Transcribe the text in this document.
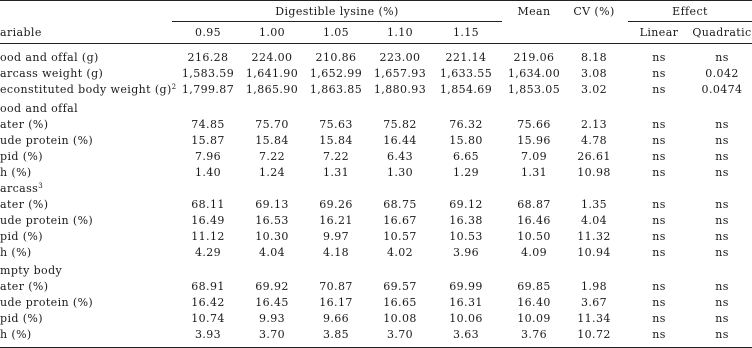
Digestible lysine (%)	Mean	CV (%)	Effect
ariable	0.95	1.00	1.05	1.10	1.15	Linear	Quadratic
ood and offal (g)	216.28	224.00	210.86	223.00	221.14	219.06	8.18	ns	ns
arcass weight (g)	1,583.59	1,641.90	1,652.99	1,657.93	1,633.55	1,634.00	3.08	ns	0.042
econstituted body weight $(g)^2$ 1,799.87	1,865.90	1,863.85	1,880.93	1,854.69	1,853.05	3.02	ns	0.0474
ood and offal
ater (%)	74.85	75.70	75.63	75.82	76.32	75.66	2.13	ns	ns
ude protein (%)	15.87	15.84	15.84	16.44	15.80	15.96	4.78	ns	ns
pid (%)	7.96	7.22	7.22	6.43	6.65	7.09	26.61	ns	ns
h (%)	1.40	1.24	1.31	1.30	1.29	1.31	10.98	ns	ns
arcass$^3$
ater (%)	68.11	69.13	69.26	68.75	69.12	68.87	1.35	ns	ns
ude protein (%)	16.49	16.53	16.21	16.67	16.38	16.46	4.04	ns	ns
pid (%)	11.12	10.30	9.97	10.57	10.53	10.50	11.32	ns	ns
h (%)	4.29	4.04	4.18	4.02	3.96	4.09	10.94	ns	ns
mpty body
ater (%)	68.91	69.92	70.87	69.57	69.99	69.85	1.98	ns	ns
ude protein (%)	16.42	16.45	16.17	16.65	16.31	16.40	3.67	ns	ns
pid (%)	10.74	9.93	9.66	10.08	10.06	10.09	11.34	ns	ns
h (%)	3.93	3.70	3.85	3.70	3.63	3.76	10.72	ns	ns
